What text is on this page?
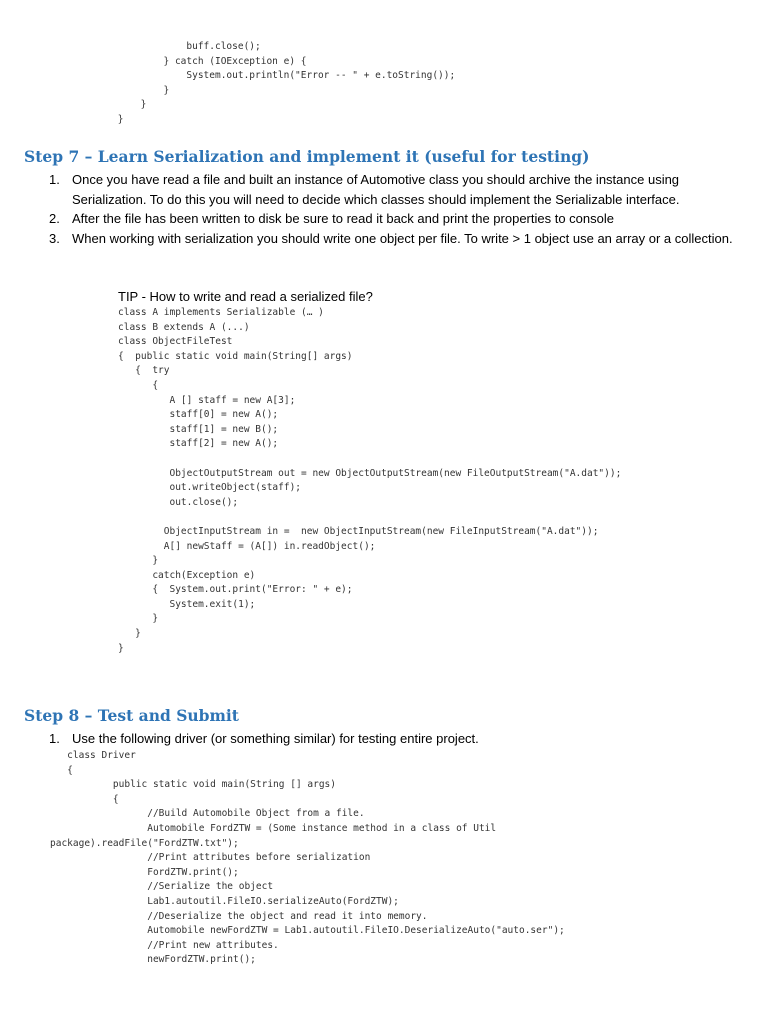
buff.close();
} catch (IOException e) {
System.out.println("Error -- " + e.toString());
}
}
}
Step 7 – Learn Serialization and implement it (useful for testing)
1. Once you have read a file and built an instance of Automotive class you should archive the instance using Serialization. To do this you will need to decide which classes should implement the Serializable interface.
2. After the file has been written to disk be sure to read it back and print the properties to console
3. When working with serialization you should write one object per file. To write > 1 object use an array or a collection.
TIP - How to write and read a serialized file?
class A implements Serializable (… )
class B extends A (...)
class ObjectFileTest
{  public static void main(String[] args)
{  try
{
A [] staff = new A[3];
staff[0] = new A();
staff[1] = new B();
staff[2] = new A();

ObjectOutputStream out = new ObjectOutputStream(new FileOutputStream("A.dat"));
out.writeObject(staff);
out.close();

ObjectInputStream in =  new ObjectInputStream(new FileInputStream("A.dat"));
A[] newStaff = (A[]) in.readObject();
}
catch(Exception e)
{  System.out.print("Error: " + e);
System.exit(1);
}
}
}
Step 8 – Test and Submit
1. Use the following driver (or something similar) for testing entire project.
class Driver
{
public static void main(String [] args)
{
//Build Automobile Object from a file.
Automobile FordZTW = (Some instance method in a class of Util
package).readFile("FordZTW.txt");
//Print attributes before serialization
FordZTW.print();
//Serialize the object
Lab1.autoutil.FileIO.serializeAuto(FordZTW);
//Deserialize the object and read it into memory.
Automobile newFordZTW = Lab1.autoutil.FileIO.DeserializeAuto("auto.ser");
//Print new attributes.
newFordZTW.print();
